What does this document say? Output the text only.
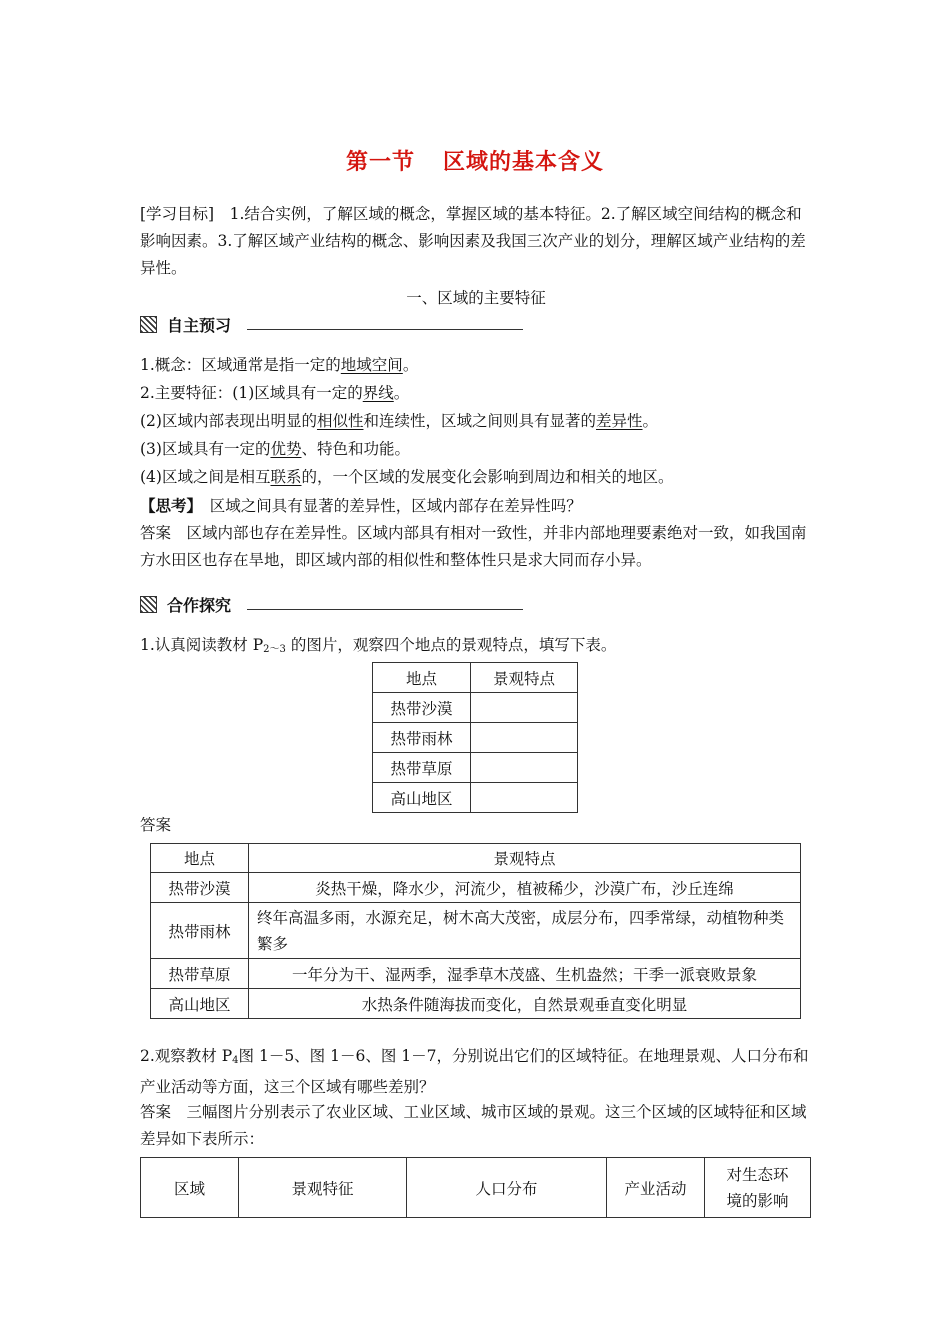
第一节 区域的基本含义
[学习目标]　1.结合实例，了解区域的概念，掌握区域的基本特征。2.了解区域空间结构的概念和影响因素。3.了解区域产业结构的概念、影响因素及我国三次产业的划分，理解区域产业结构的差异性。
一、区域的主要特征
自主预习
1.概念：区域通常是指一定的地域空间。
2.主要特征：(1)区域具有一定的界线。
(2)区域内部表现出明显的相似性和连续性，区域之间则具有显著的差异性。
(3)区域具有一定的优势、特色和功能。
(4)区域之间是相互联系的，一个区域的发展变化会影响到周边和相关的地区。
【思考】　区域之间具有显著的差异性，区域内部存在差异性吗？
答案　区域内部也存在差异性。区域内部具有相对一致性，并非内部地理要素绝对一致，如我国南方水田区也存在旱地，即区域内部的相似性和整体性只是求大同而存小异。
合作探究
1.认真阅读教材 $P_{2\sim 3}$ 的图片，观察四个地点的景观特点，填写下表。
地点	景观特点
热带沙漠	
热带雨林	
热带草原	
高山地区	
答案
地点	景观特点
热带沙漠	炎热干燥，降水少，河流少，植被稀少，沙漠广布，沙丘连绵
热带雨林	终年高温多雨，水源充足，树木高大茂密，成层分布，四季常绿，动植物种类繁多
热带草原	一年分为干、湿两季，湿季草木茂盛、生机盎然；干季一派衰败景象
高山地区	水热条件随海拔而变化，自然景观垂直变化明显
2.观察教材 $P_4$图 1－5、图 1－6、图 1－7，分别说出它们的区域特征。在地理景观、人口分布和产业活动等方面，这三个区域有哪些差别？
答案　三幅图片分别表示了农业区域、工业区域、城市区域的景观。这三个区域的区域特征和区域差异如下表所示：
区域	景观特征	人口分布	产业活动	对生态环境的影响
